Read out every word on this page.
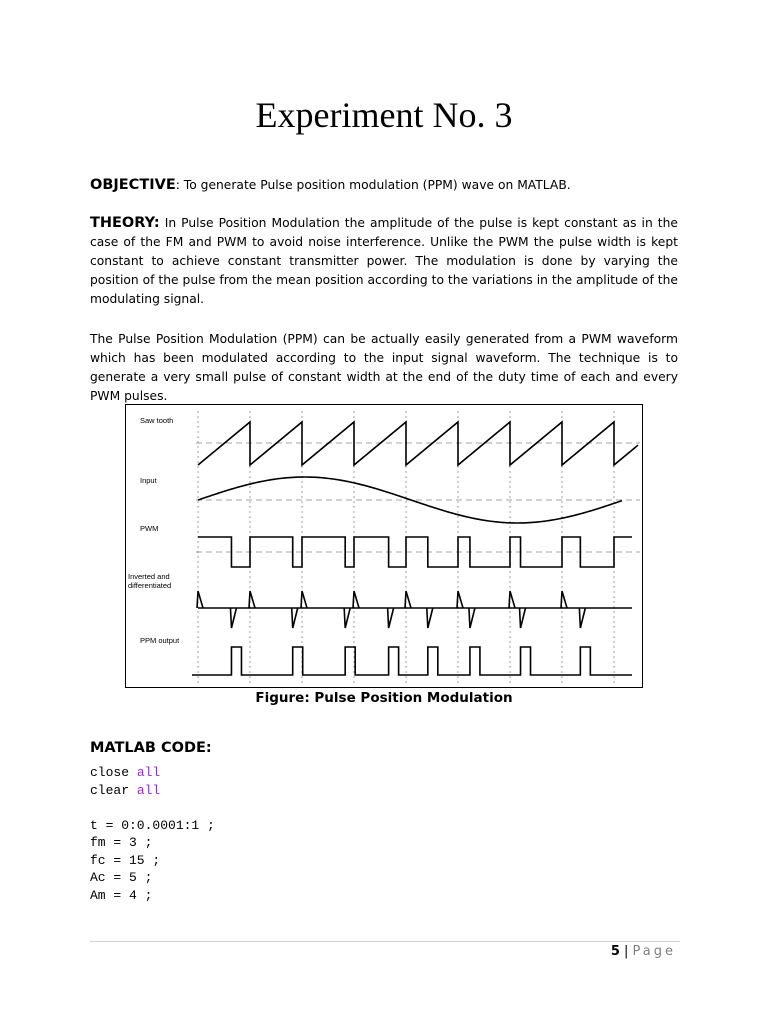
Experiment No. 3
OBJECTIVE: To generate Pulse position modulation (PPM) wave on MATLAB.
THEORY: In Pulse Position Modulation the amplitude of the pulse is kept constant as in the case of the FM and PWM to avoid noise interference. Unlike the PWM the pulse width is kept constant to achieve constant transmitter power. The modulation is done by varying the position of the pulse from the mean position according to the variations in the amplitude of the modulating signal.
The Pulse Position Modulation (PPM) can be actually easily generated from a PWM waveform which has been modulated according to the input signal waveform. The technique is to generate a very small pulse of constant width at the end of the duty time of each and every PWM pulses.
Saw tooth
Input
PWM
Inverted and differentiated
PPM output
Figure: Pulse Position Modulation
MATLAB CODE:
close all
clear all

t = 0:0.0001:1 ;
fm = 3 ;
fc = 15 ;
Ac = 5 ;
Am = 4 ;
5 | Page
